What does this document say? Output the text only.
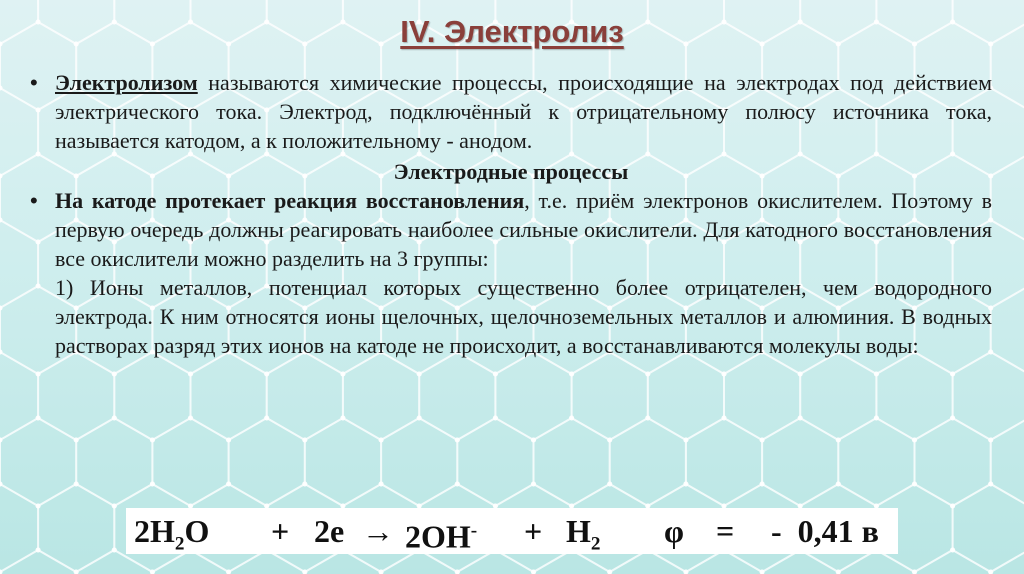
IV. Электролиз
•
Электролизом называются химические процессы, происходящие на электродах под действием электрического тока. Электрод, подключённый к отрицательному полюсу источника тока, называется катодом, а к положительному - анодом.
Электродные процессы
•
На катоде протекает реакция восстановления, т.е. приём электронов окислителем. Поэтому в первую очередь должны реагировать наиболее сильные окислители. Для катодного восстановления все окислители можно разделить на 3 группы:
1) Ионы металлов, потенциал которых существенно более отрицателен, чем водородного электрода. К ним относятся ионы щелочных, щелочноземельных металлов и алюминия. В водных растворах разряд этих ионов на катоде не происходит, а восстанавливаются молекулы воды:
$2H_2O + 2е \to 2OH^- + H_2$ φ = -  0,41 в
